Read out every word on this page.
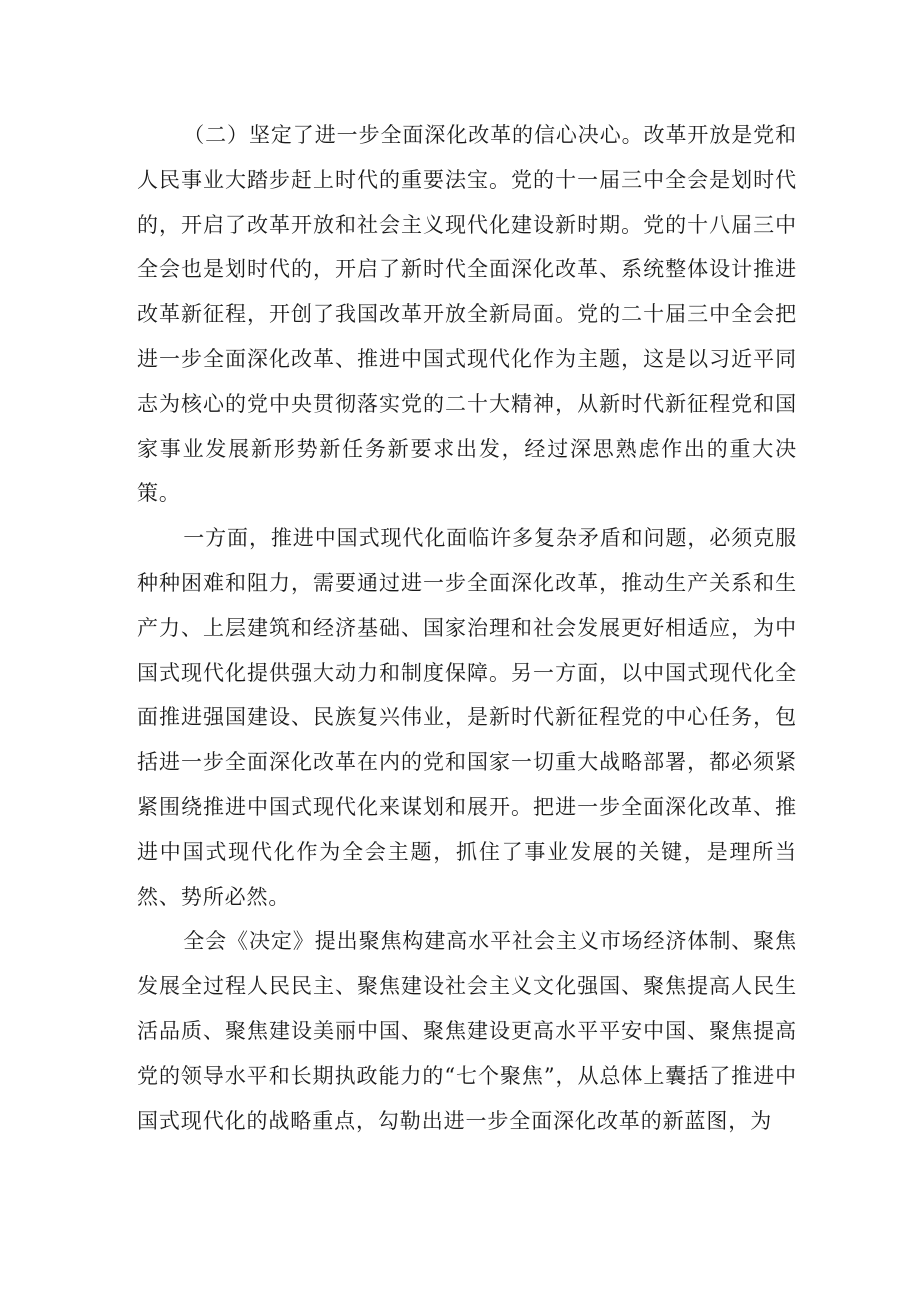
（二）坚定了进一步全面深化改革的信心决心。改革开放是党和人民事业大踏步赶上时代的重要法宝。党的十一届三中全会是划时代的，开启了改革开放和社会主义现代化建设新时期。党的十八届三中全会也是划时代的，开启了新时代全面深化改革、系统整体设计推进改革新征程，开创了我国改革开放全新局面。党的二十届三中全会把进一步全面深化改革、推进中国式现代化作为主题，这是以习近平同志为核心的党中央贯彻落实党的二十大精神，从新时代新征程党和国家事业发展新形势新任务新要求出发，经过深思熟虑作出的重大决策。

一方面，推进中国式现代化面临许多复杂矛盾和问题，必须克服种种困难和阻力，需要通过进一步全面深化改革，推动生产关系和生产力、上层建筑和经济基础、国家治理和社会发展更好相适应，为中国式现代化提供强大动力和制度保障。另一方面，以中国式现代化全面推进强国建设、民族复兴伟业，是新时代新征程党的中心任务，包括进一步全面深化改革在内的党和国家一切重大战略部署，都必须紧紧围绕推进中国式现代化来谋划和展开。把进一步全面深化改革、推进中国式现代化作为全会主题，抓住了事业发展的关键，是理所当然、势所必然。

全会《决定》提出聚焦构建高水平社会主义市场经济体制、聚焦发展全过程人民民主、聚焦建设社会主义文化强国、聚焦提高人民生活品质、聚焦建设美丽中国、聚焦建设更高水平平安中国、聚焦提高党的领导水平和长期执政能力的“七个聚焦”，从总体上囊括了推进中国式现代化的战略重点，勾勒出进一步全面深化改革的新蓝图，为
